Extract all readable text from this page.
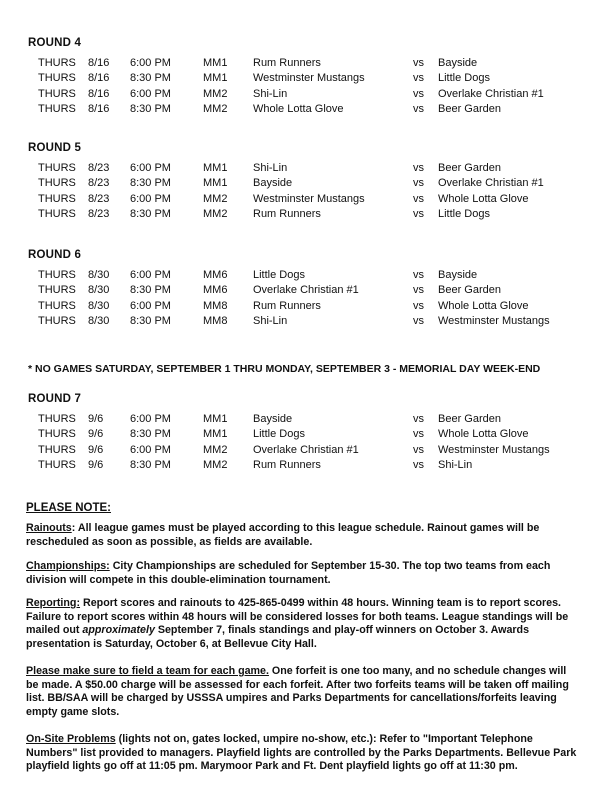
ROUND 4
THURS 8/16 6:00 PM	MM1 Rum Runners	vs Bayside
THURS 8/16 8:30 PM	MM1 Westminster Mustangs	vs Little Dogs
THURS 8/16 6:00 PM	MM2 Shi-Lin	vs Overlake Christian #1
THURS 8/16 8:30 PM	MM2 Whole Lotta Glove	vs Beer Garden
ROUND 5
THURS 8/23 6:00 PM	MM1 Shi-Lin	vs Beer Garden
THURS 8/23 8:30 PM	MM1 Bayside	vs Overlake Christian #1
THURS 8/23 6:00 PM	MM2 Westminster Mustangs	vs Whole Lotta Glove
THURS 8/23 8:30 PM	MM2 Rum Runners	vs Little Dogs
ROUND 6
THURS 8/30 6:00 PM	MM6 Little Dogs	vs Bayside
THURS 8/30 8:30 PM	MM6 Overlake Christian #1	vs Beer Garden
THURS 8/30 6:00 PM	MM8 Rum Runners	vs Whole Lotta Glove
THURS 8/30 8:30 PM	MM8 Shi-Lin	vs Westminster Mustangs
ROUND 7
THURS 9/6 6:00 PM	MM1 Bayside	vs Beer Garden
THURS 9/6 8:30 PM	MM1 Little Dogs	vs Whole Lotta Glove
THURS 9/6 6:00 PM	MM2 Overlake Christian #1	vs Westminster Mustangs
THURS 9/6 8:30 PM	MM2 Rum Runners	vs Shi-Lin
* NO GAMES SATURDAY, SEPTEMBER 1 THRU MONDAY, SEPTEMBER 3 - MEMORIAL DAY WEEK-END
PLEASE NOTE:
Rainouts: All league games must be played according to this league schedule. Rainout games will be rescheduled as soon as possible, as fields are available.
Championships: City Championships are scheduled for September 15-30. The top two teams from each division will compete in this double-elimination tournament.
Reporting: Report scores and rainouts to 425-865-0499 within 48 hours. Winning team is to report scores. Failure to report scores within 48 hours will be considered losses for both teams. League standings will be mailed out approximately September 7, finals standings and play-off winners on October 3. Awards presentation is Saturday, October 6, at Bellevue City Hall.
Please make sure to field a team for each game. One forfeit is one too many, and no schedule changes will be made. A $50.00 charge will be assessed for each forfeit. After two forfeits teams will be taken off mailing list. BB/SAA will be charged by USSSA umpires and Parks Departments for cancellations/forfeits leaving empty game slots.
On-Site Problems (lights not on, gates locked, umpire no-show, etc.): Refer to "Important Telephone Numbers" list provided to managers. Playfield lights are controlled by the Parks Departments. Bellevue Park playfield lights go off at 11:05 pm. Marymoor Park and Ft. Dent playfield lights go off at 11:30 pm.
